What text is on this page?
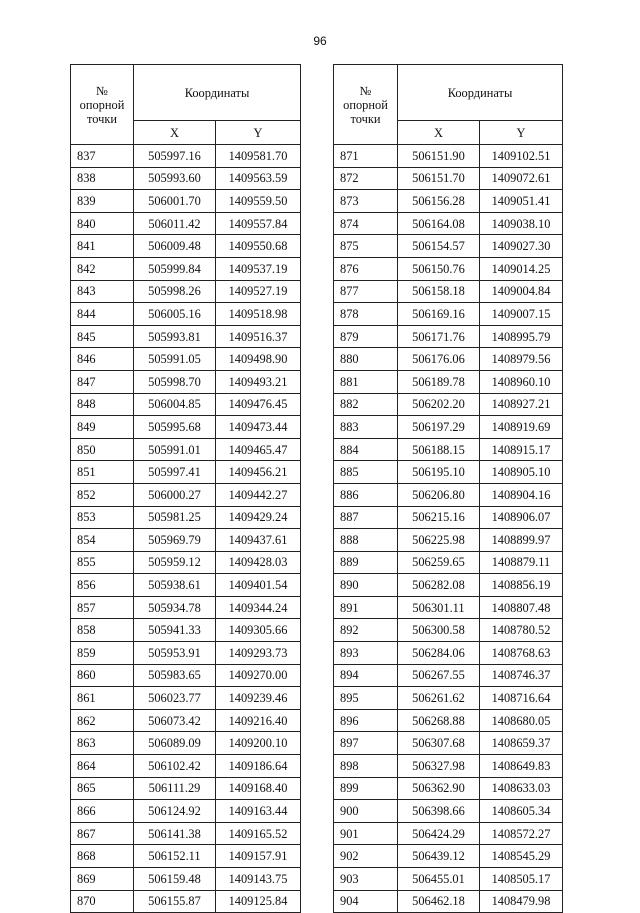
96
№
опорной
точки	Координаты	
	X	Y
837	505997.16	1409581.70
838	505993.60	1409563.59
839	506001.70	1409559.50
840	506011.42	1409557.84
841	506009.48	1409550.68
842	505999.84	1409537.19
843	505998.26	1409527.19
844	506005.16	1409518.98
845	505993.81	1409516.37
846	505991.05	1409498.90
847	505998.70	1409493.21
848	506004.85	1409476.45
849	505995.68	1409473.44
850	505991.01	1409465.47
851	505997.41	1409456.21
852	506000.27	1409442.27
853	505981.25	1409429.24
854	505969.79	1409437.61
855	505959.12	1409428.03
856	505938.61	1409401.54
857	505934.78	1409344.24
858	505941.33	1409305.66
859	505953.91	1409293.73
860	505983.65	1409270.00
861	506023.77	1409239.46
862	506073.42	1409216.40
863	506089.09	1409200.10
864	506102.42	1409186.64
865	506111.29	1409168.40
866	506124.92	1409163.44
867	506141.38	1409165.52
868	506152.11	1409157.91
869	506159.48	1409143.75
870	506155.87	1409125.84
№
опорной
точки	Координаты	
	X	Y
871	506151.90	1409102.51
872	506151.70	1409072.61
873	506156.28	1409051.41
874	506164.08	1409038.10
875	506154.57	1409027.30
876	506150.76	1409014.25
877	506158.18	1409004.84
878	506169.16	1409007.15
879	506171.76	1408995.79
880	506176.06	1408979.56
881	506189.78	1408960.10
882	506202.20	1408927.21
883	506197.29	1408919.69
884	506188.15	1408915.17
885	506195.10	1408905.10
886	506206.80	1408904.16
887	506215.16	1408906.07
888	506225.98	1408899.97
889	506259.65	1408879.11
890	506282.08	1408856.19
891	506301.11	1408807.48
892	506300.58	1408780.52
893	506284.06	1408768.63
894	506267.55	1408746.37
895	506261.62	1408716.64
896	506268.88	1408680.05
897	506307.68	1408659.37
898	506327.98	1408649.83
899	506362.90	1408633.03
900	506398.66	1408605.34
901	506424.29	1408572.27
902	506439.12	1408545.29
903	506455.01	1408505.17
904	506462.18	1408479.98
